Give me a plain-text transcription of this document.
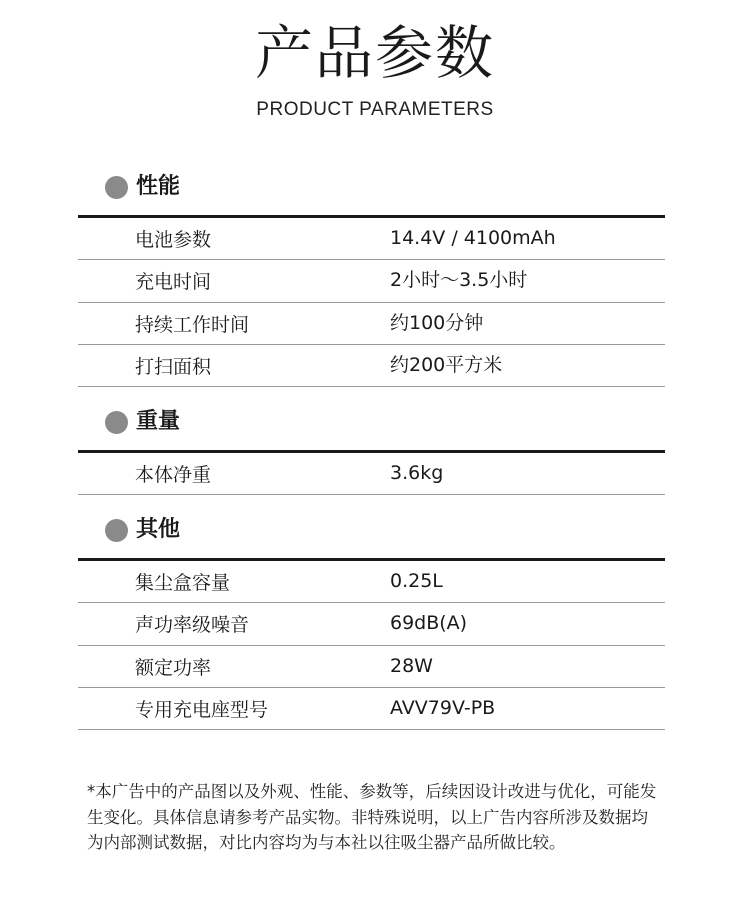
产品参数
PRODUCT PARAMETERS
性能
电池参数	14.4V / 4100mAh
充电时间	2小时～3.5小时
持续工作时间	约100分钟
打扫面积	约200平方米
重量
本体净重	3.6kg
其他
集尘盒容量	0.25L
声功率级噪音	69dB(A)
额定功率	28W
专用充电座型号	AVV79V-PB
*本广告中的产品图以及外观、性能、参数等，后续因设计改进与优化，可能发生变化。具体信息请参考产品实物。非特殊说明，以上广告内容所涉及数据均为内部测试数据，对比内容均为与本社以往吸尘器产品所做比较。
